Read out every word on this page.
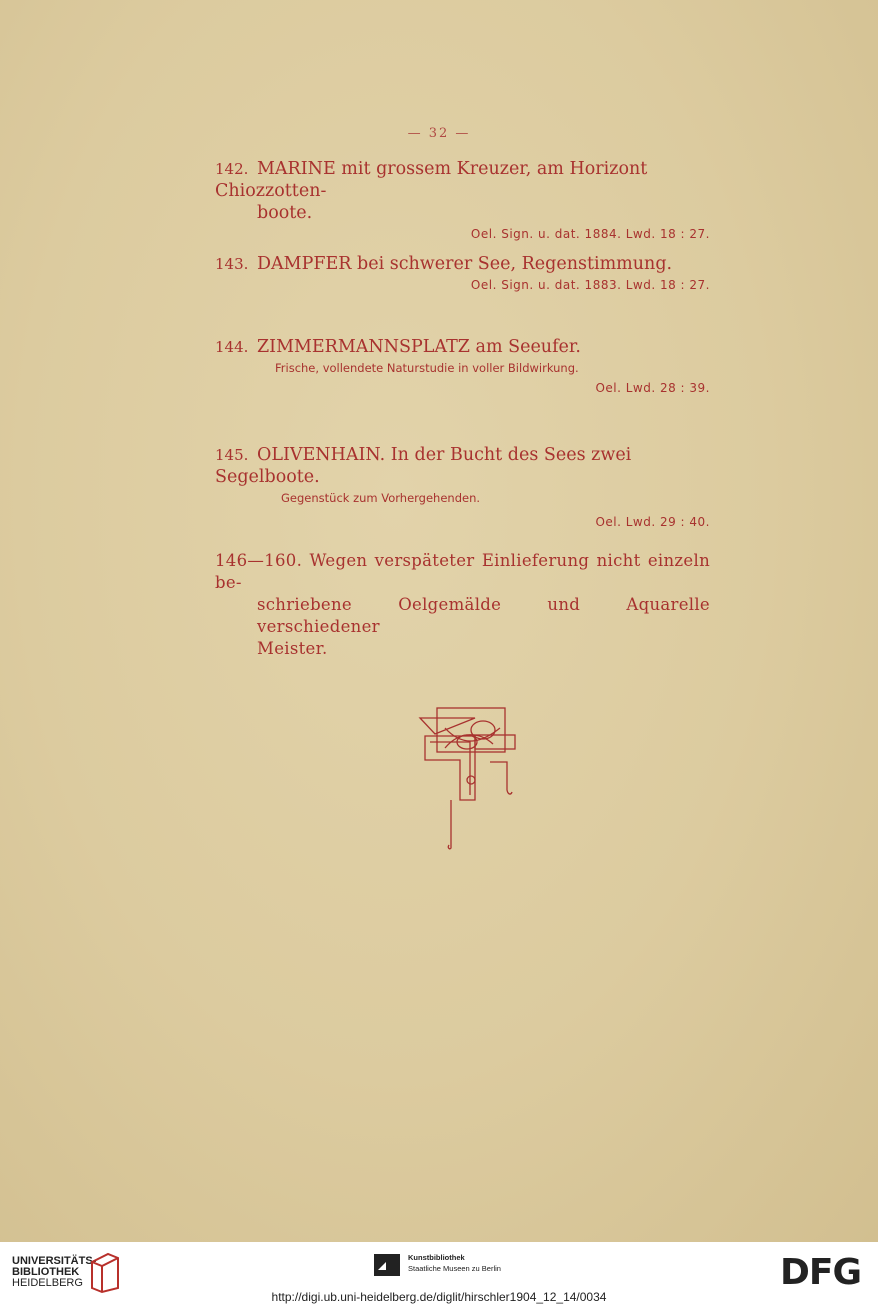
— 32 —
142. MARINE mit grossem Kreuzer, am Horizont Chiozzotten-
boote.
Oel. Sign. u. dat. 1884. Lwd. 18 : 27.
143. DAMPFER bei schwerer See, Regenstimmung.
Oel. Sign. u. dat. 1883. Lwd. 18 : 27.
144. ZIMMERMANNSPLATZ am Seeufer.
Frische, vollendete Naturstudie in voller Bildwirkung.
Oel. Lwd. 28 : 39.
145. OLIVENHAIN. In der Bucht des Sees zwei Segelboote.
Gegenstück zum Vorhergehenden.
Oel. Lwd. 29 : 40.
146—160. Wegen verspäteter Einlieferung nicht einzeln be-
schriebene Oelgemälde und Aquarelle verschiedener
Meister.
UNIVERSITÄTS-
BIBLIOTHEK
HEIDELBERG
Kunstbibliothek
Staatliche Museen zu Berlin	DFG
http://digi.ub.uni-heidelberg.de/diglit/hirschler1904_12_14/0034
